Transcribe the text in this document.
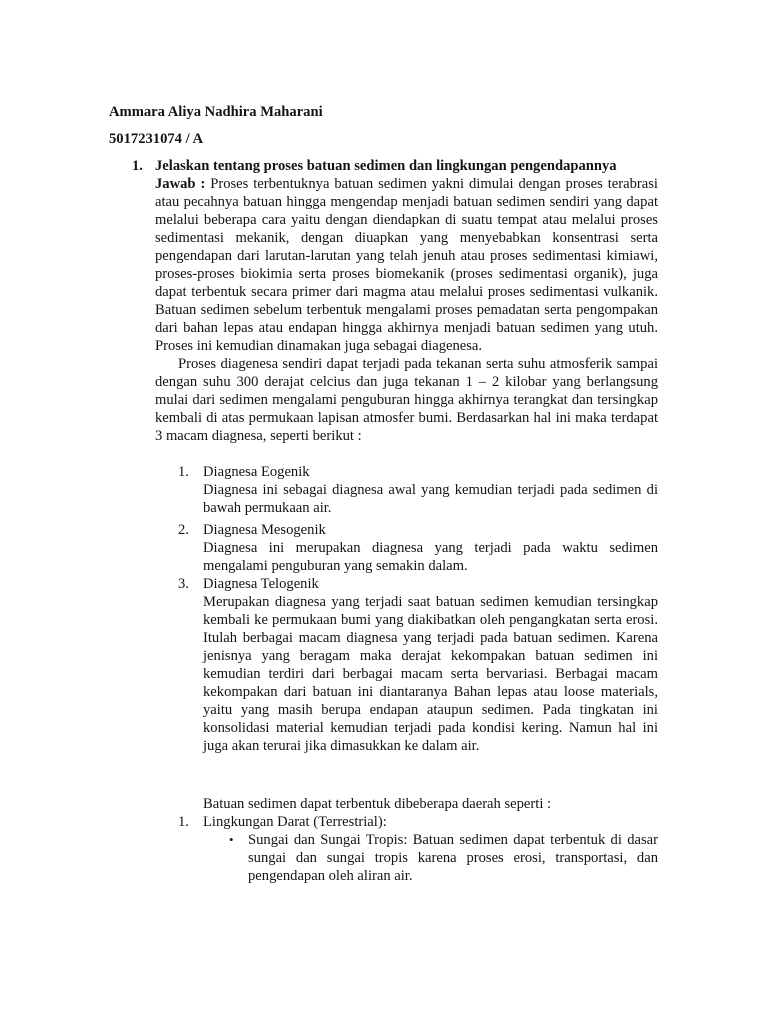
Ammara Aliya Nadhira Maharani
5017231074 / A
1. Jelaskan tentang proses batuan sedimen dan lingkungan pengendapannya

Jawab : Proses terbentuknya batuan sedimen yakni dimulai dengan proses terabrasi atau pecahnya batuan hingga mengendap menjadi batuan sedimen sendiri yang dapat melalui beberapa cara yaitu dengan diendapkan di suatu tempat atau melalui proses sedimentasi mekanik, dengan diuapkan yang menyebabkan konsentrasi serta pengendapan dari larutan-larutan yang telah jenuh atau proses sedimentasi kimiawi, proses-proses biokimia serta proses biomekanik (proses sedimentasi organik), juga dapat terbentuk secara primer dari magma atau melalui proses sedimentasi vulkanik. Batuan sedimen sebelum terbentuk mengalami proses pemadatan serta pengompakan dari bahan lepas atau endapan hingga akhirnya menjadi batuan sedimen yang utuh. Proses ini kemudian dinamakan juga sebagai diagenesa.

Proses diagenesa sendiri dapat terjadi pada tekanan serta suhu atmosferik sampai dengan suhu 300 derajat celcius dan juga tekanan 1 – 2 kilobar yang berlangsung mulai dari sedimen mengalami penguburan hingga akhirnya terangkat dan tersingkap kembali di atas permukaan lapisan atmosfer bumi. Berdasarkan hal ini maka terdapat 3 macam diagnesa, seperti berikut :

1. Diagnesa Eogenik

Diagnesa ini sebagai diagnesa awal yang kemudian terjadi pada sedimen di bawah permukaan air.

2. Diagnesa Mesogenik

Diagnesa ini merupakan diagnesa yang terjadi pada waktu sedimen mengalami penguburan yang semakin dalam.

3. Diagnesa Telogenik

Merupakan diagnesa yang terjadi saat batuan sedimen kemudian tersingkap kembali ke permukaan bumi yang diakibatkan oleh pengangkatan serta erosi. Itulah berbagai macam diagnesa yang terjadi pada batuan sedimen. Karena jenisnya yang beragam maka derajat kekompakan batuan sedimen ini kemudian terdiri dari berbagai macam serta bervariasi. Berbagai macam kekompakan dari batuan ini diantaranya Bahan lepas atau loose materials, yaitu yang masih berupa endapan ataupun sedimen. Pada tingkatan ini konsolidasi material kemudian terjadi pada kondisi kering. Namun hal ini juga akan terurai jika dimasukkan ke dalam air.

Batuan sedimen dapat terbentuk dibeberapa daerah seperti :
1. Lingkungan Darat (Terrestrial):
• Sungai dan Sungai Tropis: Batuan sedimen dapat terbentuk di dasar sungai dan sungai tropis karena proses erosi, transportasi, dan pengendapan oleh aliran air.
